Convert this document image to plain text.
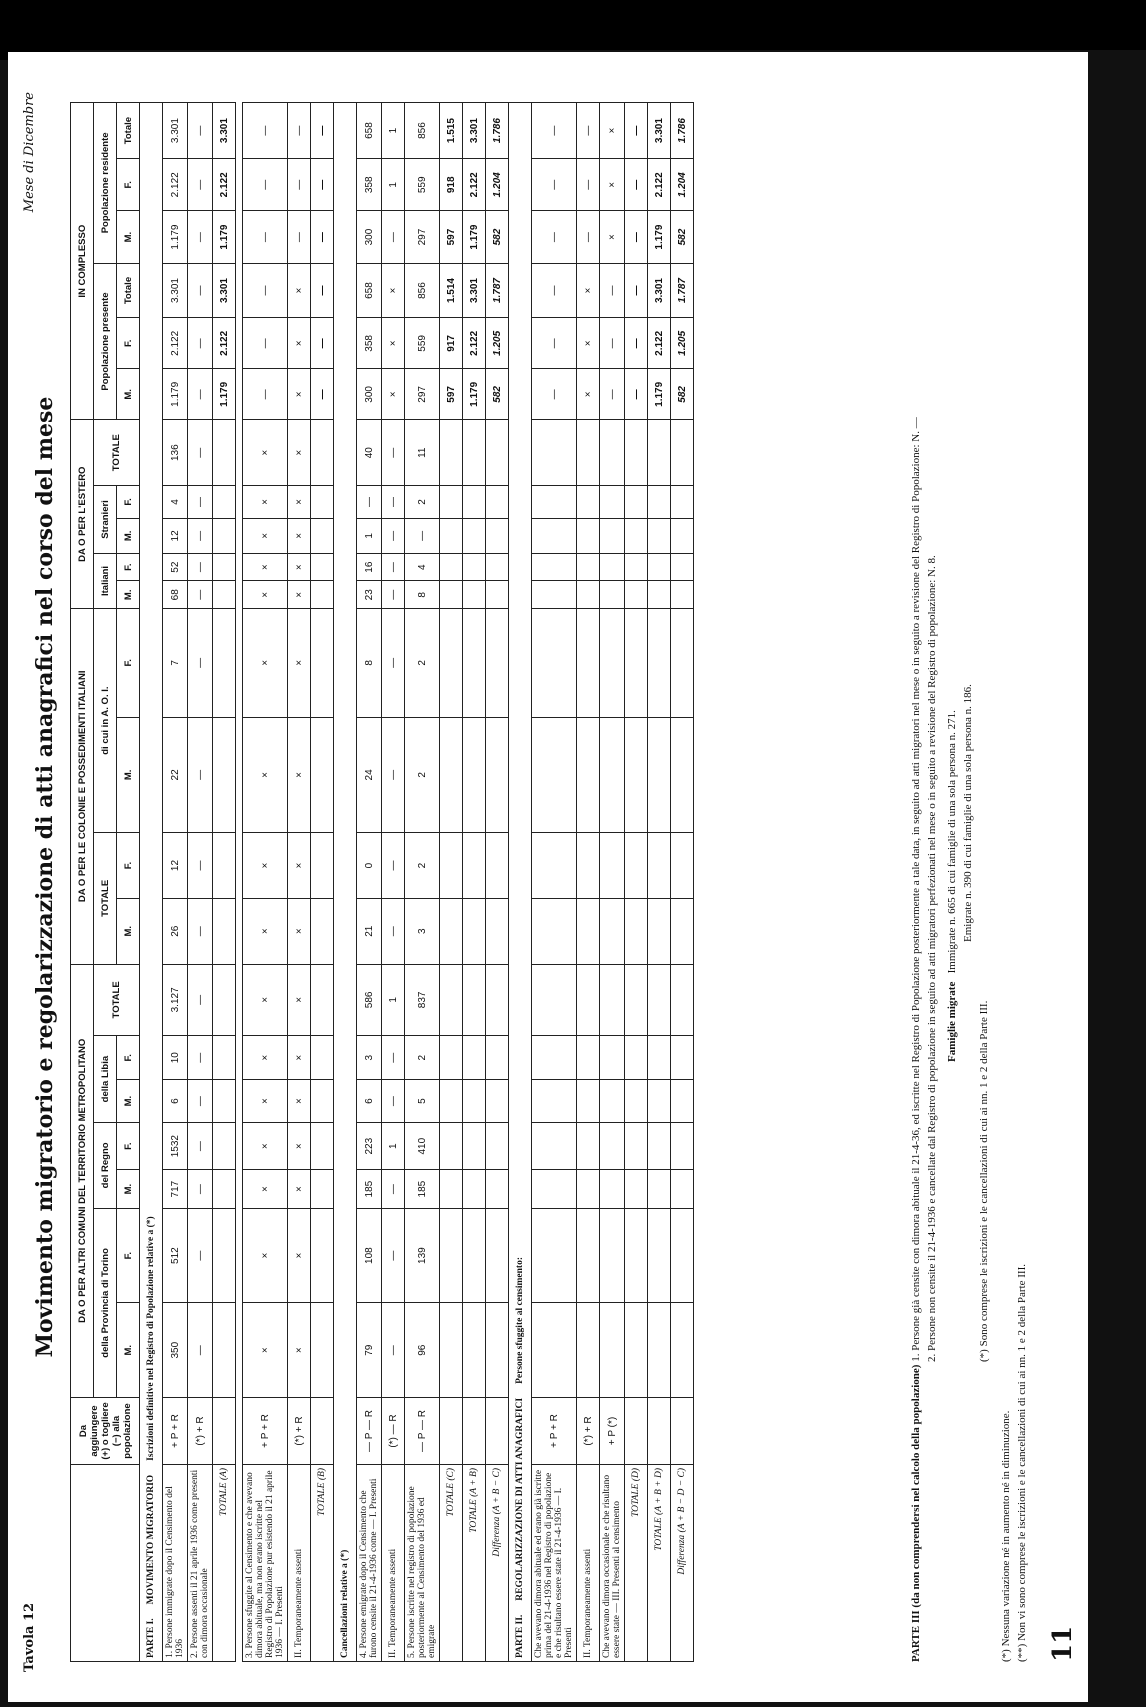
Tavola 12
Mese di Dicembre
Movimento migratorio e regolarizzazione di atti anagrafici nel corso del mese
	Da aggiungere (+) o togliere (−) alla popolazione	DA O PER ALTRI COMUNI DEL TERRITORIO METROPOLITANO							DA O PER LE COLONIE E POSSEDIMENTI ITALIANI				DA O PER L'ESTERO					IN COMPLESSO					
		della Provincia di Torino		del Regno		della Libia		TOTALE	TOTALE		di cui in A. O. I.		Italiani		Stranieri		TOTALE	Popolazione presente			Popolazione residente		
		M.	F.	M.	F.	M.	F.		M.	F.	M.	F.	M.	F.	M.	F.		M.	F.	Totale	M.	F.	Totale
PARTE I.MOVIMENTO MIGRATORIOIscrizioni definitive nel Registro di Popolazione relative a (*)																							
1. Persone immigrate dopo il Censimento del 1936	+ P + R	350	512	717	1532	6	10	3.127	26	12	22	7	68	52	12	4	136	1.179	2.122	3.301	1.179	2.122	3.301
2. Persone assenti il 21 aprile 1936 come presenti con dimora occasionale	(*) + R	—	—	—	—	—	—	—	—	—	—	—	—	—	—	—	—	—	—	—	—	—	—
TOTALE (A)																		1.179	2.122	3.301	1.179	2.122	3.301

3. Persone sfuggite al Censimento e che avevano dimora abituale, ma non erano iscritte nel Registro di Popolazione pur esistendo il 21 aprile 1936 — I. Presenti	+ P + R	×	×	×	×	×	×	×	×	×	×	×	×	×	×	×	×	—	—	—	—	—	—
II. Temporaneamente assenti	(*) + R	×	×	×	×	×	×	×	×	×	×	×	×	×	×	×	×	×	×	×	—	—	—
TOTALE (B)																		—	—	—	—	—	—
Cancellazioni relative a (*)																							
4. Persone emigrate dopo il Censimento che furono censite il 21-4-1936 come — I. Presenti	— P — R	79	108	185	223	6	3	586	21	0	24	8	23	16	1	—	40	300	358	658	300	358	658
II. Temporaneamente assenti	(*) — R	—	—	—	1	—	—	1	—	—	—	—	—	—	—	—	—	×	×	×	—	1	1
5. Persone iscritte nel registro di popolazione posteriormente al Censimento del 1936 ed emigrate	— P — R	96	139	185	410	5	2	837	3	2	2	2	8	4	—	2	11	297	559	856	297	559	856
TOTALE (C)																		597	917	1.514	597	918	1.515
TOTALE (A + B)																		1.179	2.122	3.301	1.179	2.122	3.301
Differenza (A + B − C)																		582	1.205	1.787	582	1.204	1.786
PARTE II.REGOLARIZZAZIONE DI ATTI ANAGRAFICIPersone sfuggite al censimento:																							
Che avevano dimora abituale ed erano già iscritte prima del 21-4-1936 nel Registro di popolazione e che risultano essere state il 21-4-1936 — I. Presenti	+ P + R																	—	—	—	—	—	—
II. Temporaneamente assenti	(*) + R																	×	×	×	—	—	—
Che avevano dimora occasionale e che risultano essere state — III. Presenti al censimento	+ P (*)																	—	—	—	×	×	×
TOTALE (D)																		—	—	—	—	—	—
TOTALE (A + B + D)																		1.179	2.122	3.301	1.179	2.122	3.301
Differenza (A + B − D − C)																		582	1.205	1.787	582	1.204	1.786
PARTE III (da non comprendersi nel calcolo della popolazione) 1. Persone già censite con dimora abituale il 21-4-36, ed iscritte nel Registro di Popolazione posteriormente a tale data, in seguito ad atti migratori nel mese o in seguito a revisione del Registro di Popolazione: N. — 2. Persone non censite il 21-4-1936 e cancellate dal Registro di popolazione in seguito ad atti migratori perfezionati nel mese o in seguito a revisione del Registro di popolazione: N. 8. Famiglie migrate   Immigrate n. 665 di cui famiglie di una sola persona n. 271. Emigrate n. 390 di cui famiglie di una sola persona n. 186.
(*) Sono comprese le iscrizioni e le cancellazioni di cui ai nn. 1 e 2 della Parte III.
(*) Nessuna variazione né in aumento né in diminuzione. (**) Non vi sono comprese le iscrizioni e le cancellazioni di cui ai nn. 1 e 2 della Parte III. 11
